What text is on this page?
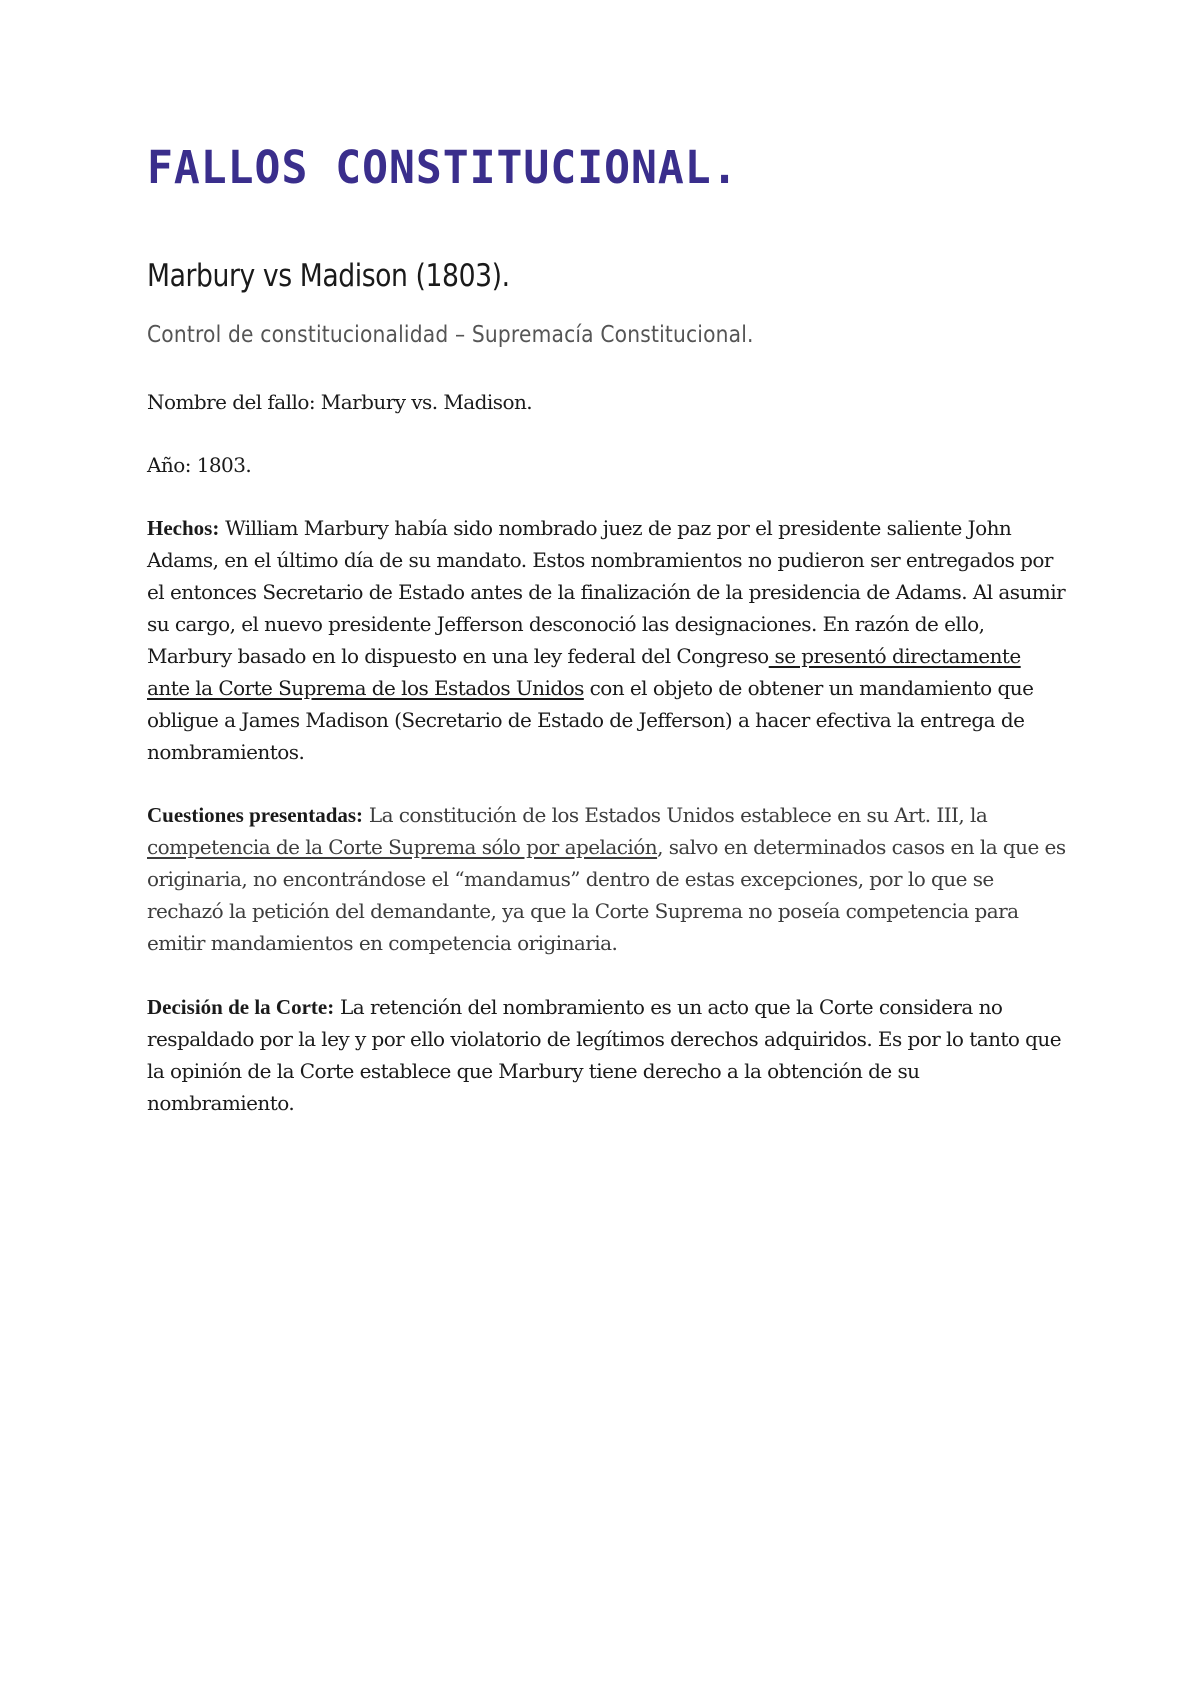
FALLOS CONSTITUCIONAL.
Marbury vs Madison (1803).
Control de constitucionalidad – Supremacía Constitucional.

Nombre del fallo: Marbury vs. Madison.

Año: 1803.

Hechos: William Marbury había sido nombrado juez de paz por el presidente saliente John Adams, en el último día de su mandato. Estos nombramientos no pudieron ser entregados por el entonces Secretario de Estado antes de la finalización de la presidencia de Adams. Al asumir su cargo, el nuevo presidente Jefferson desconoció las designaciones. En razón de ello, Marbury basado en lo dispuesto en una ley federal del Congreso se presentó directamente ante la Corte Suprema de los Estados Unidos con el objeto de obtener un mandamiento que obligue a James Madison (Secretario de Estado de Jefferson) a hacer efectiva la entrega de nombramientos.

Cuestiones presentadas: La constitución de los Estados Unidos establece en su Art. III, la competencia de la Corte Suprema sólo por apelación, salvo en determinados casos en la que es originaria, no encontrándose el “mandamus” dentro de estas excepciones, por lo que se rechazó la petición del demandante, ya que la Corte Suprema no poseía competencia para emitir mandamientos en competencia originaria.

Decisión de la Corte: La retención del nombramiento es un acto que la Corte considera no respaldado por la ley y por ello violatorio de legítimos derechos adquiridos. Es por lo tanto que la opinión de la Corte establece que Marbury tiene derecho a la obtención de su nombramiento.
